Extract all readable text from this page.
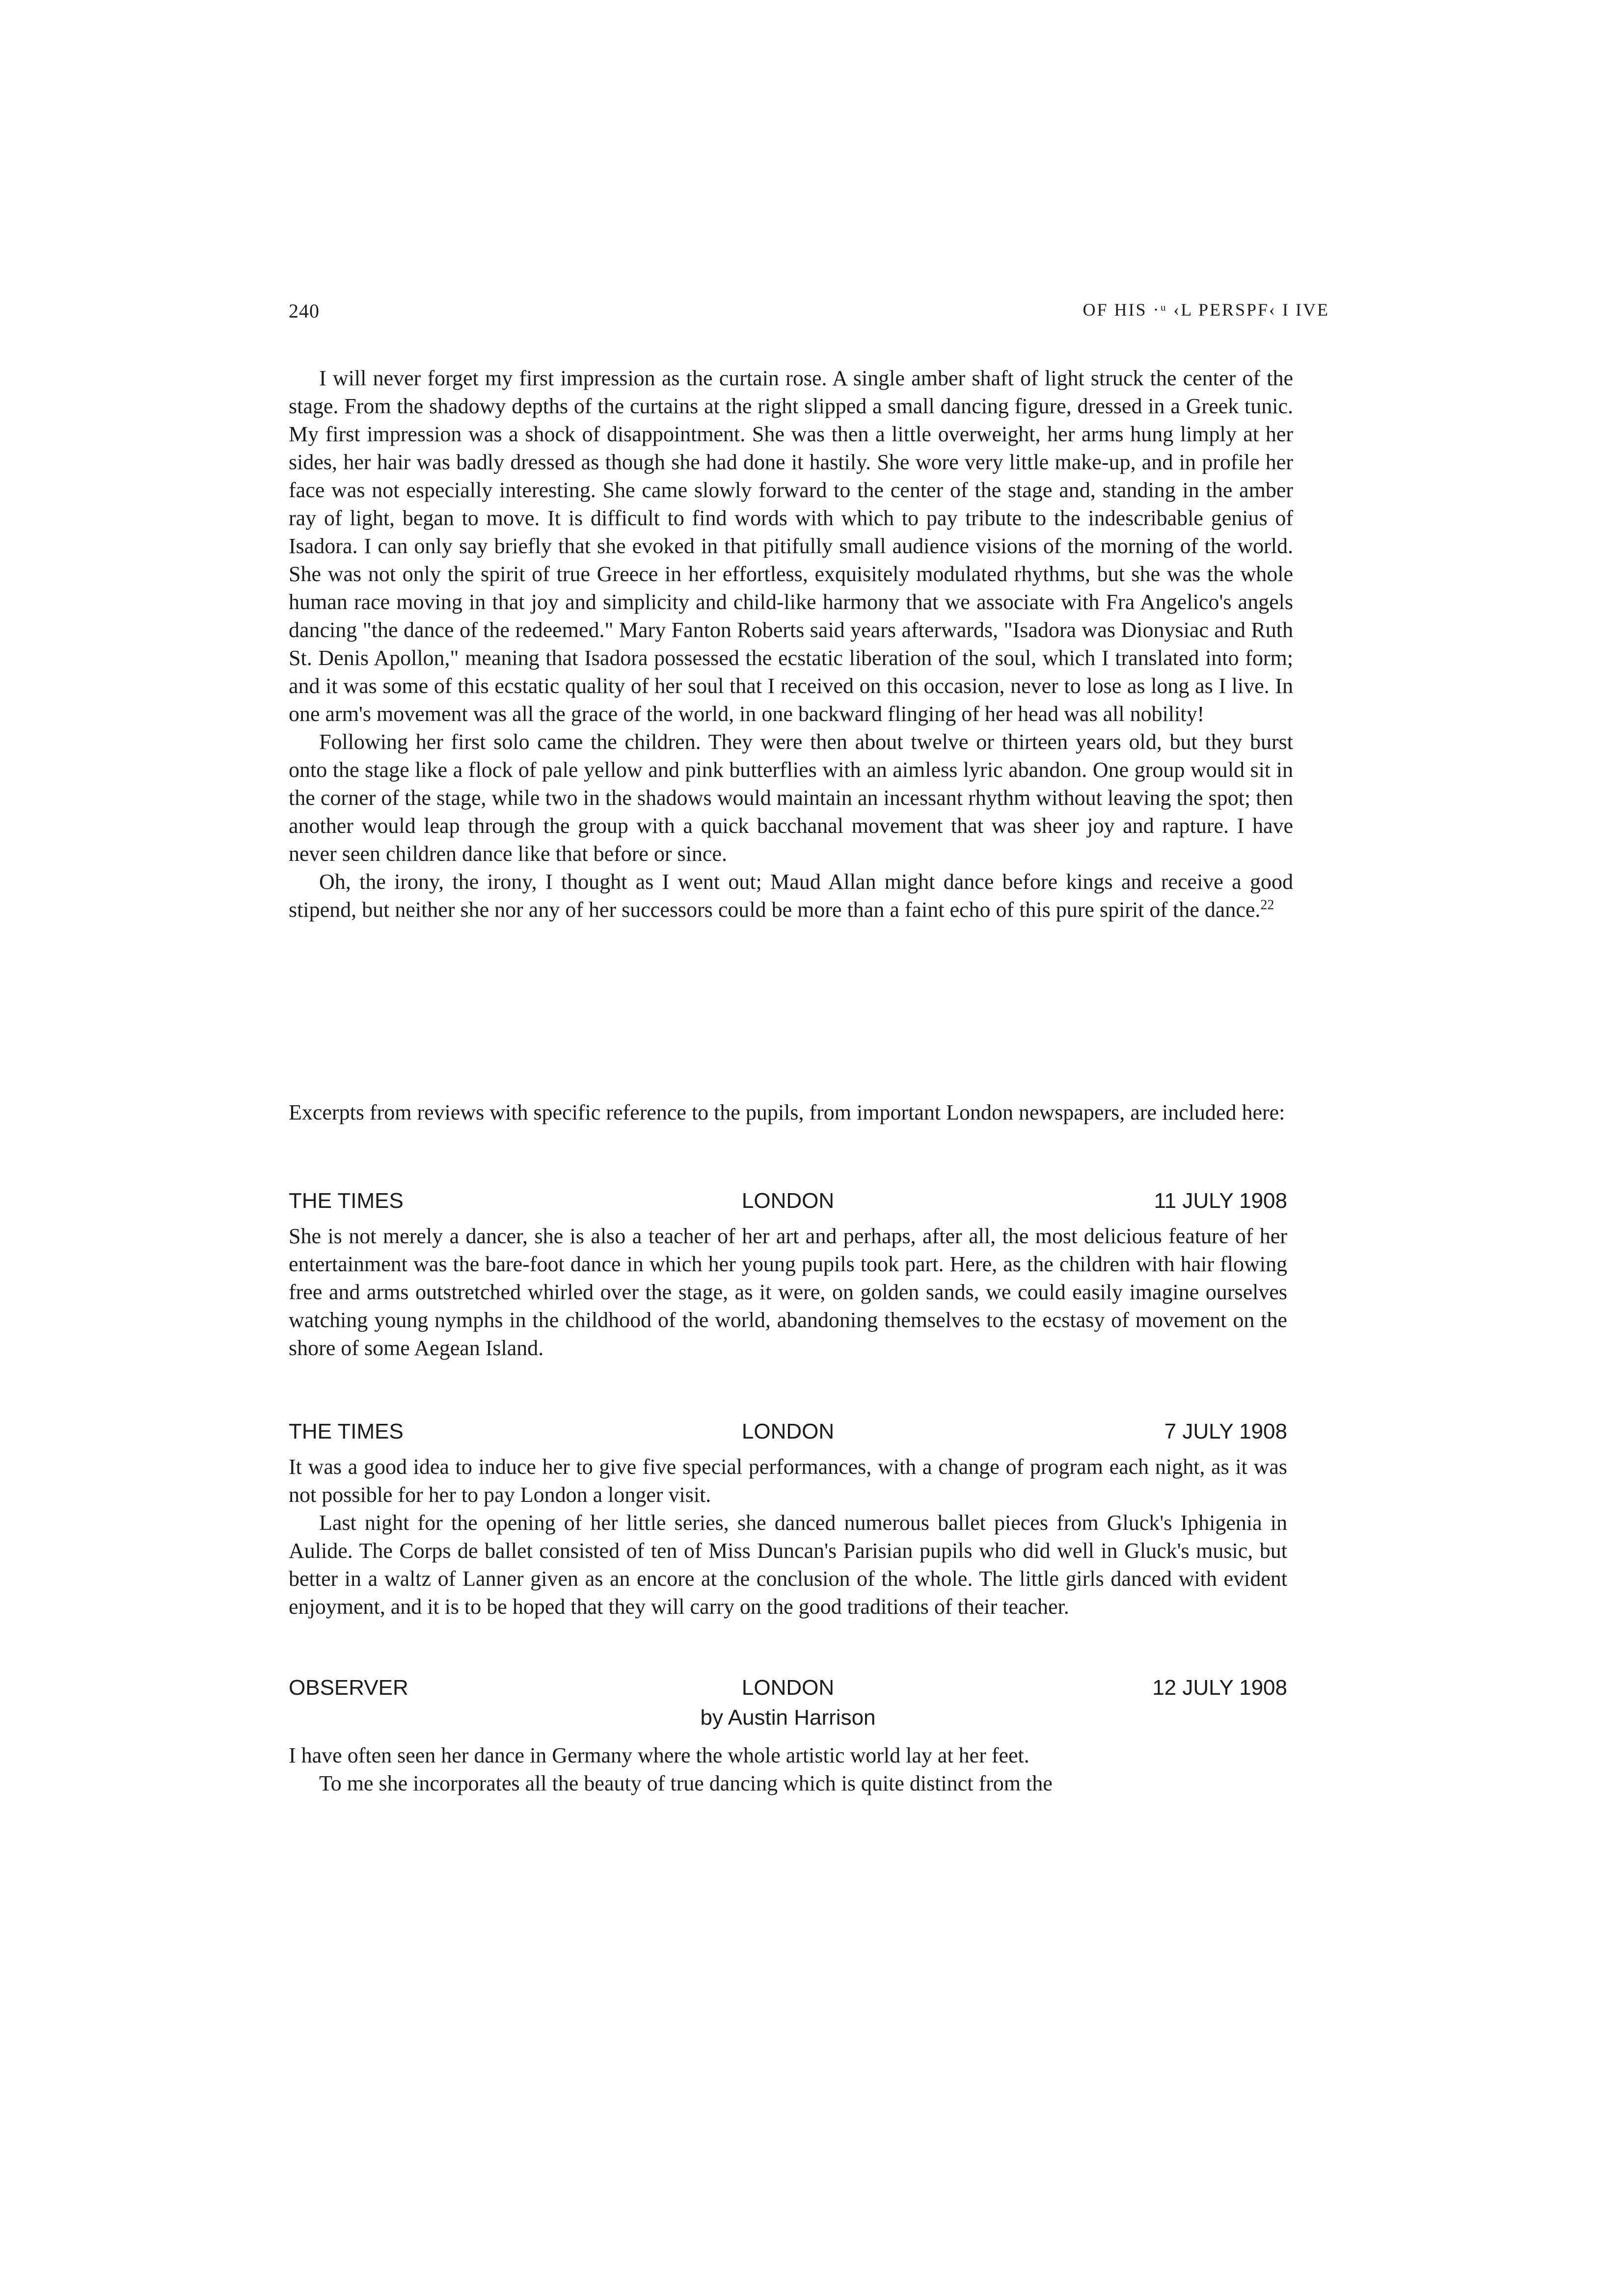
240	OF HIS ·ᵘ ‹L PERSPF‹ I IVE

I will never forget my first impression as the curtain rose. A single amber shaft of light struck the center of the stage. From the shadowy depths of the curtains at the right slipped a small dancing figure, dressed in a Greek tunic. My first impression was a shock of disappointment. She was then a little overweight, her arms hung limply at her sides, her hair was badly dressed as though she had done it hastily. She wore very little make-up, and in profile her face was not especially interesting. She came slowly forward to the center of the stage and, standing in the amber ray of light, began to move. It is difficult to find words with which to pay tribute to the indescribable genius of Isadora. I can only say briefly that she evoked in that pitifully small audience visions of the morning of the world. She was not only the spirit of true Greece in her effortless, exquisitely modulated rhythms, but she was the whole human race moving in that joy and simplicity and child-like harmony that we associate with Fra Angelico's angels dancing "the dance of the redeemed." Mary Fanton Roberts said years afterwards, "Isadora was Dionysiac and Ruth St. Denis Apollon," meaning that Isadora possessed the ecstatic liberation of the soul, which I translated into form; and it was some of this ecstatic quality of her soul that I received on this occasion, never to lose as long as I live. In one arm's movement was all the grace of the world, in one backward flinging of her head was all nobility!

Following her first solo came the children. They were then about twelve or thirteen years old, but they burst onto the stage like a flock of pale yellow and pink butterflies with an aimless lyric abandon. One group would sit in the corner of the stage, while two in the shadows would maintain an incessant rhythm without leaving the spot; then another would leap through the group with a quick bacchanal movement that was sheer joy and rapture. I have never seen children dance like that before or since.

Oh, the irony, the irony, I thought as I went out; Maud Allan might dance before kings and receive a good stipend, but neither she nor any of her successors could be more than a faint echo of this pure spirit of the dance.$^{22}$

Excerpts from reviews with specific reference to the pupils, from important London newspapers, are included here:

THE TIMES	LONDON	11 JULY 1908

She is not merely a dancer, she is also a teacher of her art and perhaps, after all, the most delicious feature of her entertainment was the bare-foot dance in which her young pupils took part. Here, as the children with hair flowing free and arms outstretched whirled over the stage, as it were, on golden sands, we could easily imagine ourselves watching young nymphs in the childhood of the world, abandoning themselves to the ecstasy of movement on the shore of some Aegean Island.

THE TIMES	LONDON	7 JULY 1908

It was a good idea to induce her to give five special performances, with a change of program each night, as it was not possible for her to pay London a longer visit.

Last night for the opening of her little series, she danced numerous ballet pieces from Gluck's Iphigenia in Aulide. The Corps de ballet consisted of ten of Miss Duncan's Parisian pupils who did well in Gluck's music, but better in a waltz of Lanner given as an encore at the conclusion of the whole. The little girls danced with evident enjoyment, and it is to be hoped that they will carry on the good traditions of their teacher.

OBSERVER	LONDON	12 JULY 1908
by Austin Harrison

I have often seen her dance in Germany where the whole artistic world lay at her feet.

To me she incorporates all the beauty of true dancing which is quite distinct from the
